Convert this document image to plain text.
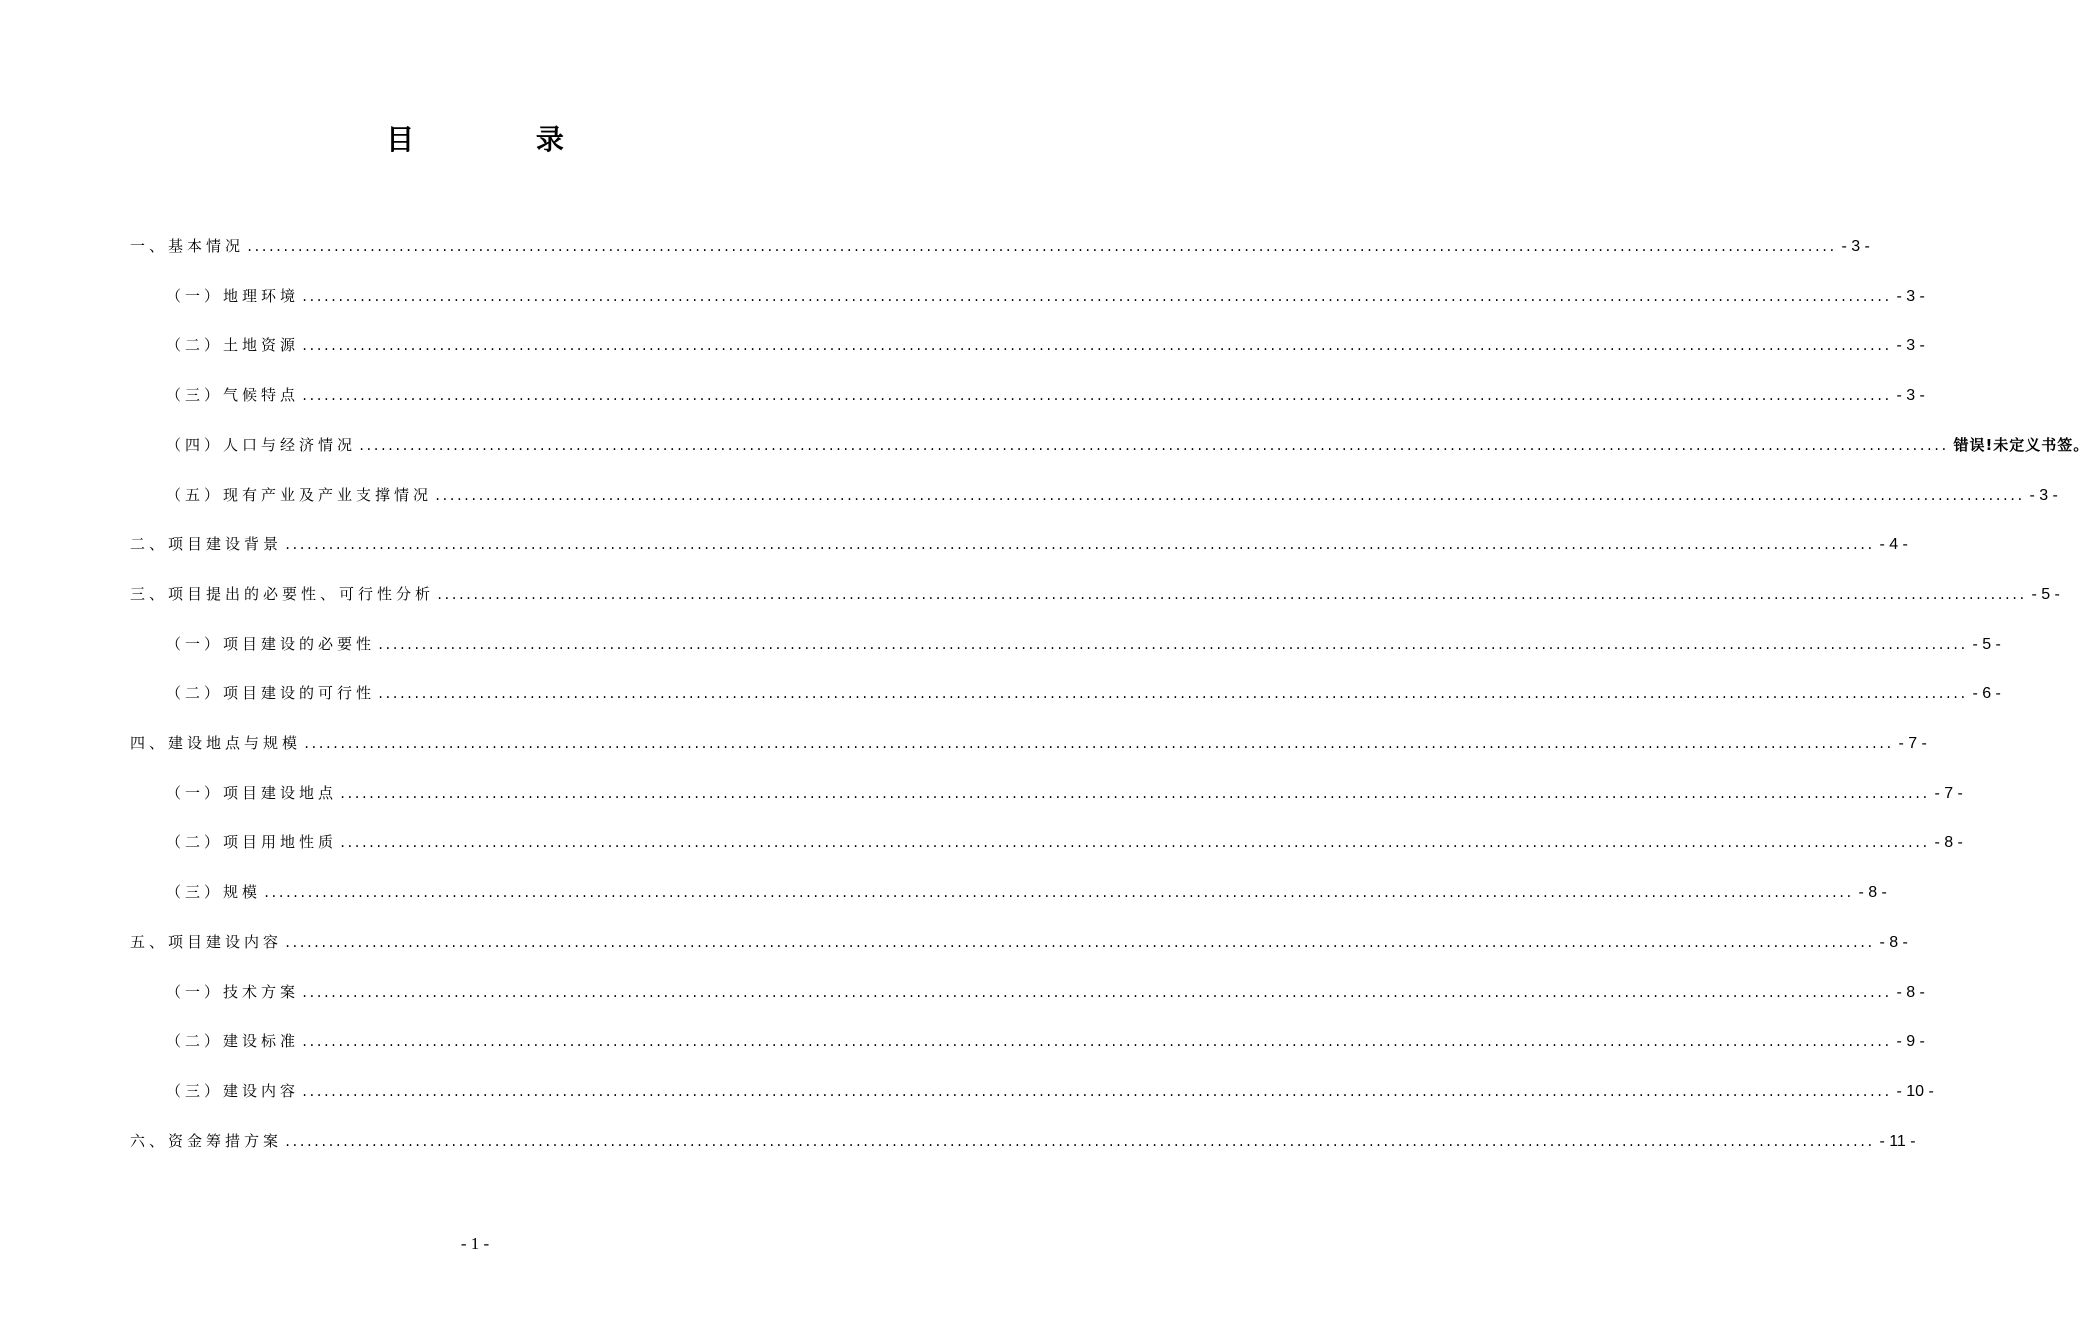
目 录
一、基本情况 ............................................................................................................................................................................................................................ - 3 -
（一）地理环境 ............................................................................................................................................................................................................................ - 3 -
（二）土地资源 ............................................................................................................................................................................................................................ - 3 -
（三）气候特点 ............................................................................................................................................................................................................................ - 3 -
（四）人口与经济情况 ............................................................................................................................................................................................................................ 错误!未定义书签。
（五）现有产业及产业支撑情况 ............................................................................................................................................................................................................................ - 3 -
二、项目建设背景 ............................................................................................................................................................................................................................ - 4 -
三、项目提出的必要性、可行性分析 ............................................................................................................................................................................................................................ - 5 -
（一）项目建设的必要性 ............................................................................................................................................................................................................................ - 5 -
（二）项目建设的可行性 ............................................................................................................................................................................................................................ - 6 -
四、建设地点与规模 ............................................................................................................................................................................................................................ - 7 -
（一）项目建设地点 ............................................................................................................................................................................................................................ - 7 -
（二）项目用地性质 ............................................................................................................................................................................................................................ - 8 -
（三）规模 ............................................................................................................................................................................................................................ - 8 -
五、项目建设内容 ............................................................................................................................................................................................................................ - 8 -
（一）技术方案 ............................................................................................................................................................................................................................ - 8 -
（二）建设标准 ............................................................................................................................................................................................................................ - 9 -
（三）建设内容 ............................................................................................................................................................................................................................ - 10 -
六、资金筹措方案 ............................................................................................................................................................................................................................ - 11 -
- 1 -
